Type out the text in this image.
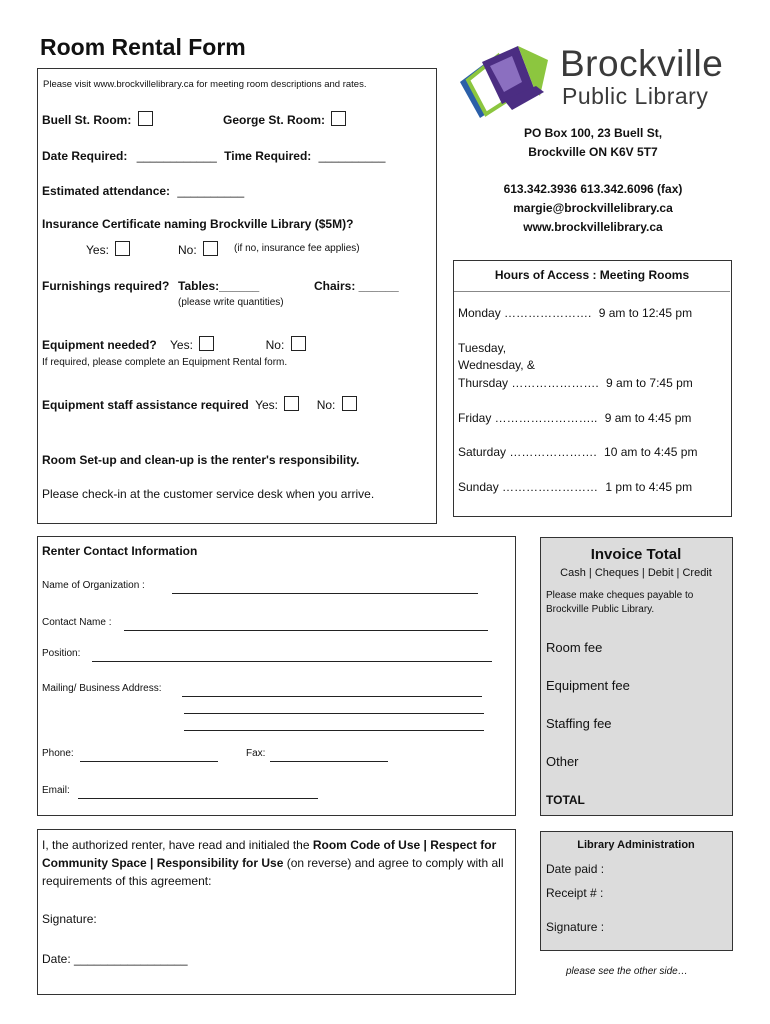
Room Rental Form
Please visit www.brockvillelibrary.ca for meeting room descriptions and rates.
Buell St. Room:	George St. Room:
Date Required: ____________ Time Required: __________
Estimated attendance: __________
Insurance Certificate naming Brockville Library ($5M)?
Yes:	No:	(if no, insurance fee applies)
Furnishings required? Tables:______	Chairs: ______
(please write quantities)
Equipment needed? Yes:	No:
If required, please complete an Equipment Rental form.
Equipment staff assistance required Yes:	No:
Room Set-up and clean-up is the renter's responsibility.
Please check-in at the customer service desk when you arrive.
Brockville
Public Library
PO Box 100, 23 Buell St,
Brockville ON K6V 5T7
613.342.3936 613.342.6096 (fax)
margie@brockvillelibrary.ca
www.brockvillelibrary.ca
Hours of Access : Meeting Rooms
Monday …………………. 9 am to 12:45 pm
Tuesday,
Wednesday, &
Thursday …………………. 9 am to 7:45 pm
Friday …………………….. 9 am to 4:45 pm
Saturday …………………. 10 am to 4:45 pm
Sunday …………………… 1 pm to 4:45 pm
Renter Contact Information
Name of Organization :
Contact Name :
Position:
Mailing/ Business Address:
Phone:	Fax:
Email:
Invoice Total
Cash | Cheques | Debit | Credit
Please make cheques payable to Brockville Public Library.
Room fee
Equipment fee
Staffing fee
Other
TOTAL
I, the authorized renter, have read and initialed the Room Code of Use | Respect for Community Space | Responsibility for Use (on reverse) and agree to comply with all requirements of this agreement:
Signature:
Date: _________________
Library Administration
Date paid :
Receipt # :
Signature :
please see the other side…
